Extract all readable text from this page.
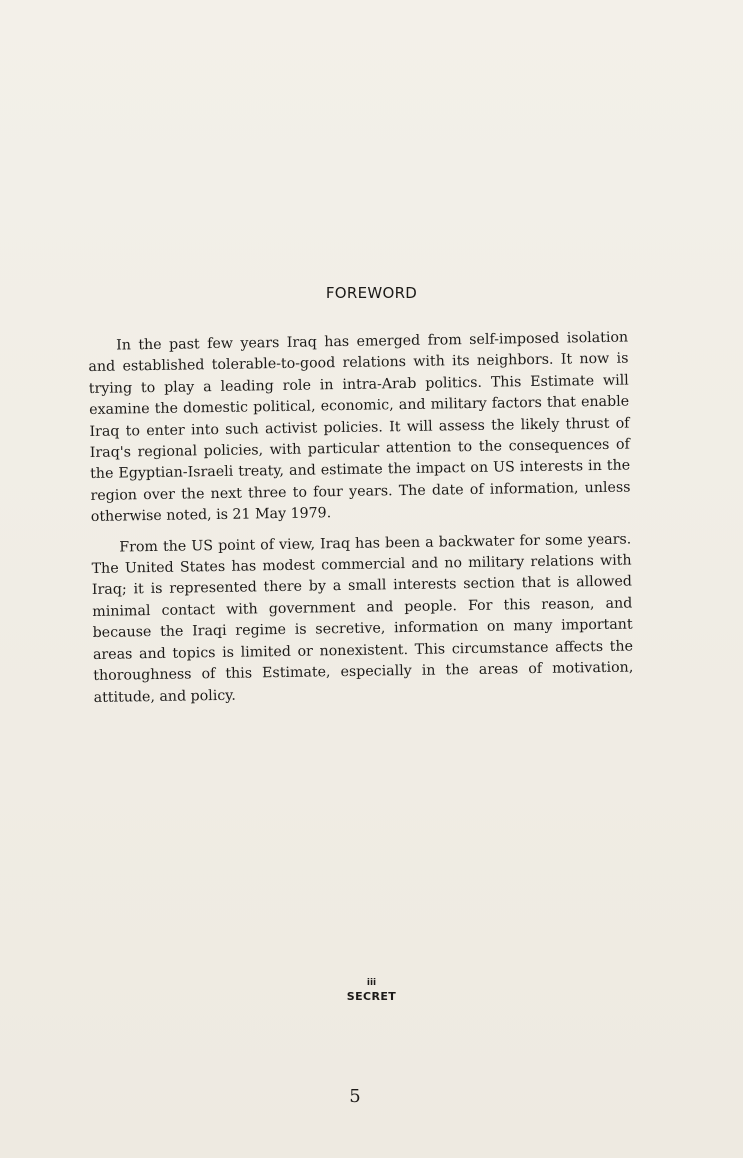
FOREWORD

In the past few years Iraq has emerged from self-imposed isolation and established tolerable-to-good relations with its neighbors. It now is trying to play a leading role in intra-Arab politics. This Estimate will examine the domestic political, economic, and military factors that enable Iraq to enter into such activist policies. It will assess the likely thrust of Iraq's regional policies, with particular attention to the consequences of the Egyptian-Israeli treaty, and estimate the impact on US interests in the region over the next three to four years. The date of information, unless otherwise noted, is 21 May 1979.

From the US point of view, Iraq has been a backwater for some years. The United States has modest commercial and no military relations with Iraq; it is represented there by a small interests section that is allowed minimal contact with government and people. For this reason, and because the Iraqi regime is secretive, information on many important areas and topics is limited or nonexistent. This circumstance affects the thoroughness of this Estimate, especially in the areas of motivation, attitude, and policy.

iii
SECRET
5
